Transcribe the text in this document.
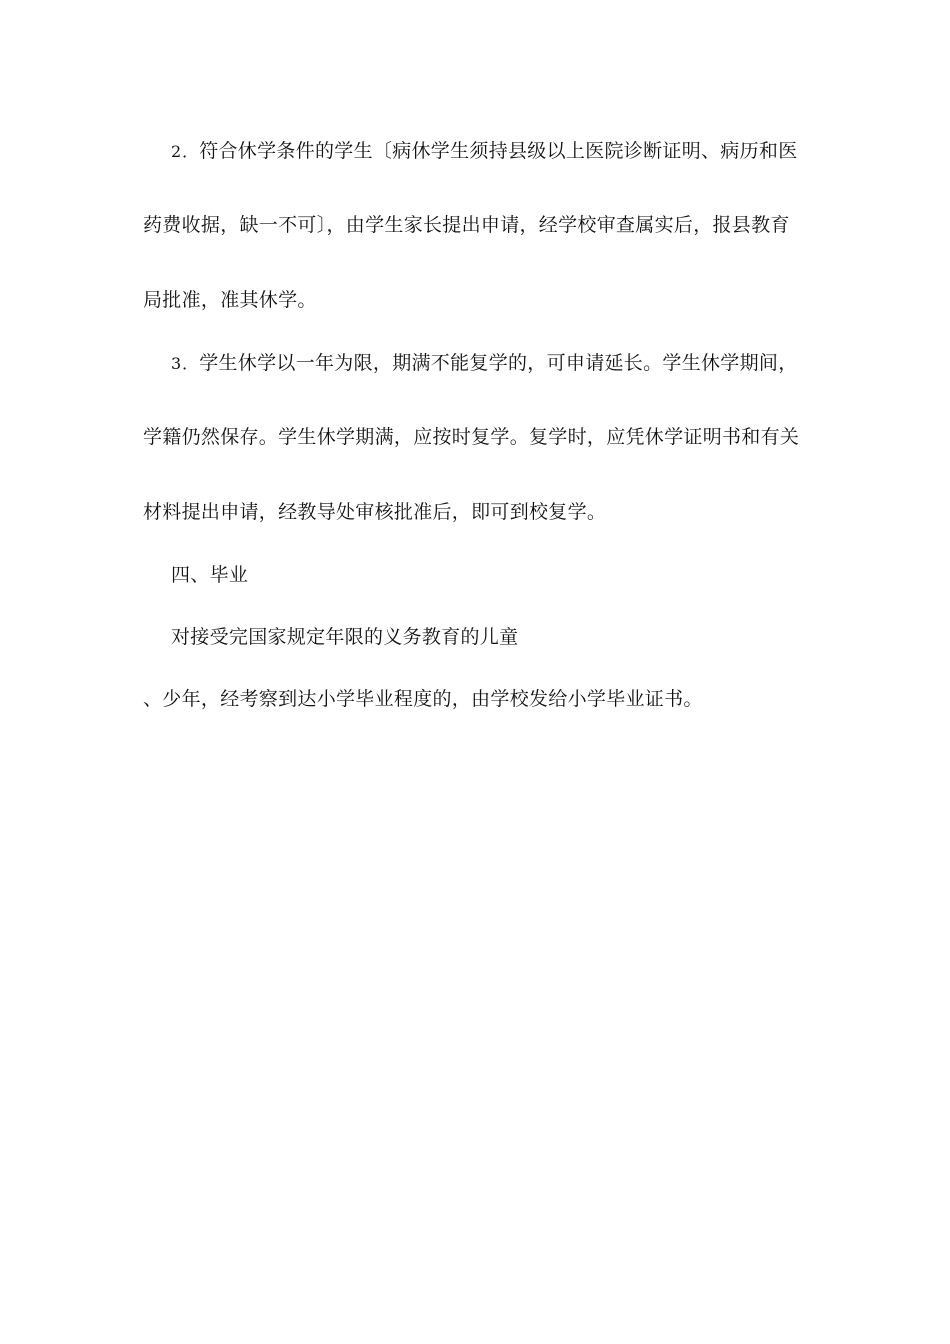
2．符合休学条件的学生〔病休学生须持县级以上医院诊断证明、病历和医
药费收据，缺一不可〕，由学生家长提出申请，经学校审查属实后，报县教育
局批准，准其休学。
3．学生休学以一年为限，期满不能复学的，可申请延长。学生休学期间，
学籍仍然保存。学生休学期满，应按时复学。复学时，应凭休学证明书和有关
材料提出申请，经教导处审核批准后，即可到校复学。
四、毕业
对接受完国家规定年限的义务教育的儿童
、少年，经考察到达小学毕业程度的，由学校发给小学毕业证书。
